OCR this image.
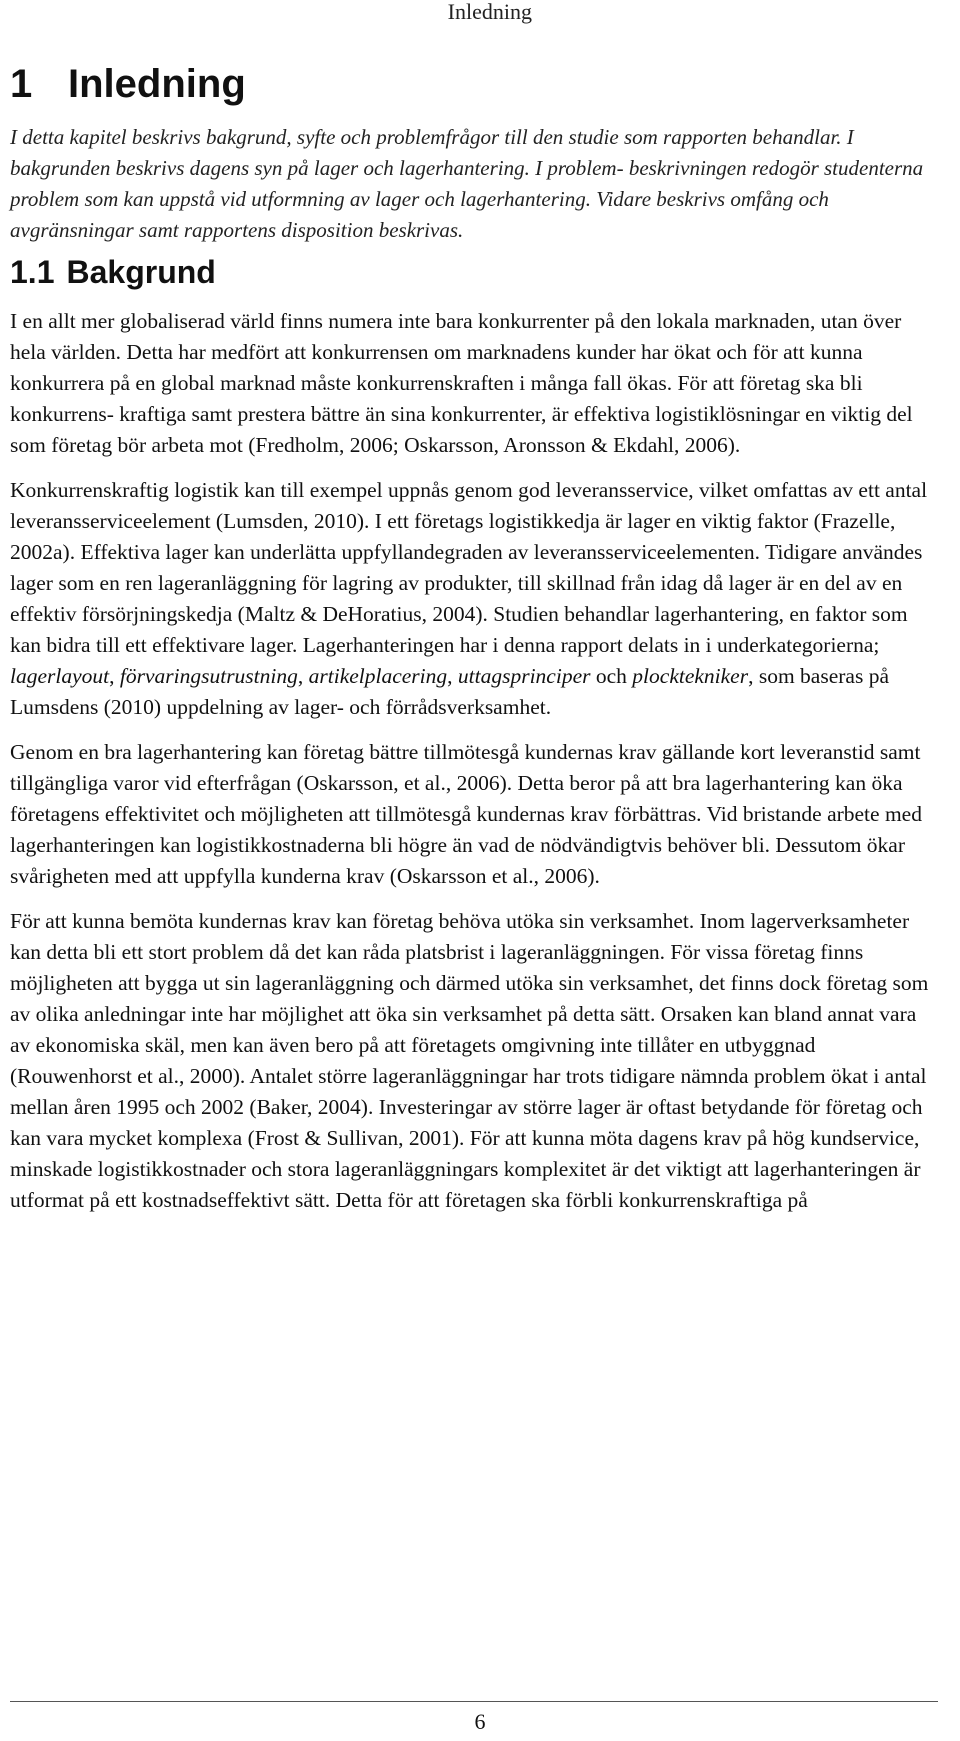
Inledning
1 Inledning

I detta kapitel beskrivs bakgrund, syfte och problemfrågor till den studie som rapporten behandlar. I bakgrunden beskrivs dagens syn på lager och lagerhantering. I problem- beskrivningen redogör studenterna problem som kan uppstå vid utformning av lager och lagerhantering. Vidare beskrivs omfång och avgränsningar samt rapportens disposition beskrivas.

1.1 Bakgrund

I en allt mer globaliserad värld finns numera inte bara konkurrenter på den lokala marknaden, utan över hela världen. Detta har medfört att konkurrensen om marknadens kunder har ökat och för att kunna konkurrera på en global marknad måste konkurrenskraften i många fall ökas. För att företag ska bli konkurrens- kraftiga samt prestera bättre än sina konkurrenter, är effektiva logistiklösningar en viktig del som företag bör arbeta mot (Fredholm, 2006; Oskarsson, Aronsson & Ekdahl, 2006).

Konkurrenskraftig logistik kan till exempel uppnås genom god leveransservice, vilket omfattas av ett antal leveransserviceelement (Lumsden, 2010). I ett företags logistikkedja är lager en viktig faktor (Frazelle, 2002a). Effektiva lager kan underlätta uppfyllandegraden av leveransserviceelementen. Tidigare användes lager som en ren lageranläggning för lagring av produkter, till skillnad från idag då lager är en del av en effektiv försörjningskedja (Maltz & DeHoratius, 2004). Studien behandlar lagerhantering, en faktor som kan bidra till ett effektivare lager. Lagerhanteringen har i denna rapport delats in i underkategorierna; lagerlayout, förvaringsutrustning, artikelplacering, uttagsprinciper och plocktekniker, som baseras på Lumsdens (2010) uppdelning av lager- och förrådsverksamhet.

Genom en bra lagerhantering kan företag bättre tillmötesgå kundernas krav gällande kort leveranstid samt tillgängliga varor vid efterfrågan (Oskarsson, et al., 2006). Detta beror på att bra lagerhantering kan öka företagens effektivitet och möjligheten att tillmötesgå kundernas krav förbättras. Vid bristande arbete med lagerhanteringen kan logistikkostnaderna bli högre än vad de nödvändigtvis behöver bli. Dessutom ökar svårigheten med att uppfylla kunderna krav (Oskarsson et al., 2006).

För att kunna bemöta kundernas krav kan företag behöva utöka sin verksamhet. Inom lagerverksamheter kan detta bli ett stort problem då det kan råda platsbrist i lageranläggningen. För vissa företag finns möjligheten att bygga ut sin lageranläggning och därmed utöka sin verksamhet, det finns dock företag som av olika anledningar inte har möjlighet att öka sin verksamhet på detta sätt. Orsaken kan bland annat vara av ekonomiska skäl, men kan även bero på att företagets omgivning inte tillåter en utbyggnad (Rouwenhorst et al., 2000). Antalet större lageranläggningar har trots tidigare nämnda problem ökat i antal mellan åren 1995 och 2002 (Baker, 2004). Investeringar av större lager är oftast betydande för företag och kan vara mycket komplexa (Frost & Sullivan, 2001). För att kunna möta dagens krav på hög kundservice, minskade logistikkostnader och stora lageranläggningars komplexitet är det viktigt att lagerhanteringen är utformat på ett kostnadseffektivt sätt. Detta för att företagen ska förbli konkurrenskraftiga på

6
